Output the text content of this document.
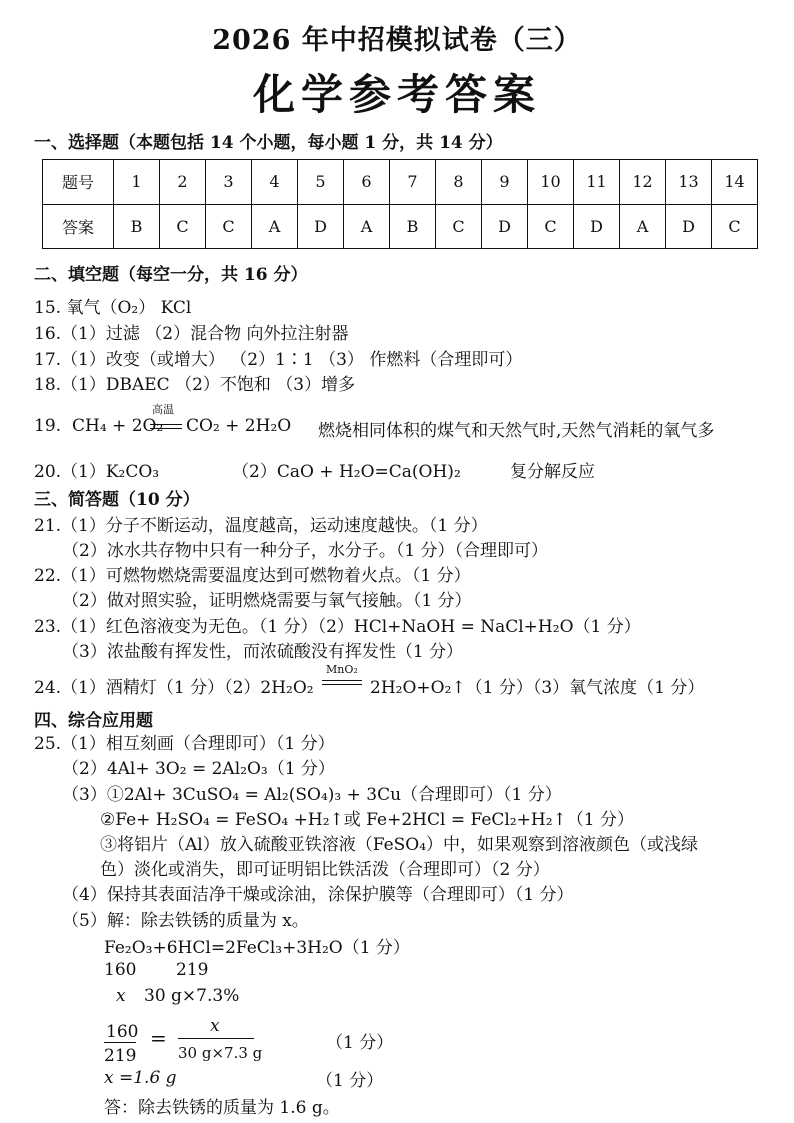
2026 年中招模拟试卷（三）
化学参考答案
一、选择题（本题包括 14 个小题，每小题 1 分，共 14 分）
题号	1	2	3	4	5	6	7	8	9	10	11	12	13	14
答案	B	C	C	A	D	A	B	C	D	C	D	A	D	C
二、填空题（每空一分，共 16 分）
15. 氧气（O₂） KCl
16.（1）过滤 （2）混合物 向外拉注射器
17.（1）改变（或增大） （2）1∶1 （3） 作燃料（合理即可）
18.（1）DBAEC （2）不饱和 （3）增多
19. CH₄ + 2O₂
高温
CO₂ + 2H₂O 燃烧相同体积的煤气和天然气时,天然气消耗的氧气多
20.（1）K₂CO₃	（2）CaO + H₂O=Ca(OH)₂	复分解反应
三、简答题（10 分）
21.（1）分子不断运动，温度越高，运动速度越快。（1 分）
（2）冰水共存物中只有一种分子，水分子。（1 分）（合理即可）
22.（1）可燃物燃烧需要温度达到可燃物着火点。（1 分）
（2）做对照实验，证明燃烧需要与氧气接触。（1 分）
23.（1）红色溶液变为无色。（1 分）（2）HCl+NaOH = NaCl+H₂O（1 分）
（3）浓盐酸有挥发性，而浓硫酸没有挥发性（1 分）
24.（1）酒精灯（1 分）（2）2H₂O₂
MnO₂
2H₂O+O₂↑（1 分）（3）氧气浓度（1 分）
四、综合应用题
25.（1）相互刻画（合理即可）（1 分）
（2）4Al+ 3O₂ = 2Al₂O₃（1 分）
（3）①2Al+ 3CuSO₄ = Al₂(SO₄)₃ + 3Cu（合理即可）（1 分）
②Fe+ H₂SO₄ = FeSO₄ +H₂↑或 Fe+2HCl = FeCl₂+H₂↑（1 分）
③将铝片（Al）放入硫酸亚铁溶液（FeSO₄）中，如果观察到溶液颜色（或浅绿
色）淡化或消失，即可证明铝比铁活泼（合理即可）（2 分）
（4）保持其表面洁净干燥或涂油，涂保护膜等（合理即可）（1 分）
（5）解：除去铁锈的质量为 x。
Fe₂O₃+6HCl=2FeCl₃+3H₂O（1 分）
160 219
x 30 g×7.3%
160
219
=	x
30 g×7.3 g	（1 分）
x =1.6 g	（1 分）
答：除去铁锈的质量为 1.6 g。
